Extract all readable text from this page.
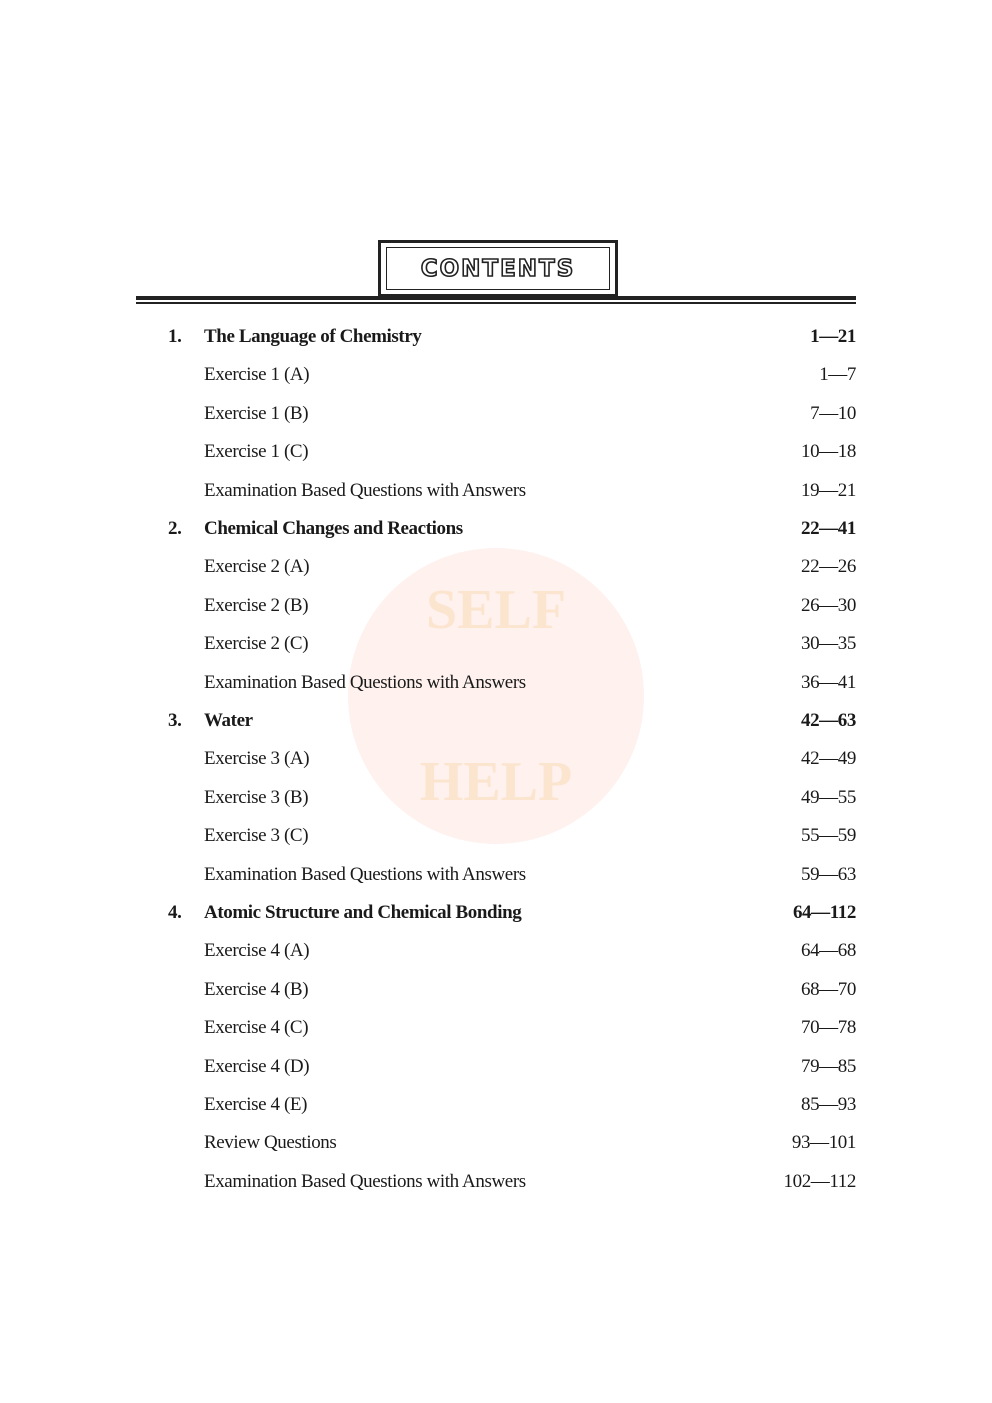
SELF
HELP
CONTENTS
1. The Language of Chemistry	1—21
Exercise 1 (A)	1—7
Exercise 1 (B)	7—10
Exercise 1 (C)	10—18
Examination Based Questions with Answers	19—21
2. Chemical Changes and Reactions	22—41
Exercise 2 (A)	22—26
Exercise 2 (B)	26—30
Exercise 2 (C)	30—35
Examination Based Questions with Answers	36—41
3. Water	42—63
Exercise 3 (A)	42—49
Exercise 3 (B)	49—55
Exercise 3 (C)	55—59
Examination Based Questions with Answers	59—63
4. Atomic Structure and Chemical Bonding	64—112
Exercise 4 (A)	64—68
Exercise 4 (B)	68—70
Exercise 4 (C)	70—78
Exercise 4 (D)	79—85
Exercise 4 (E)	85—93
Review Questions	93—101
Examination Based Questions with Answers	102—112
